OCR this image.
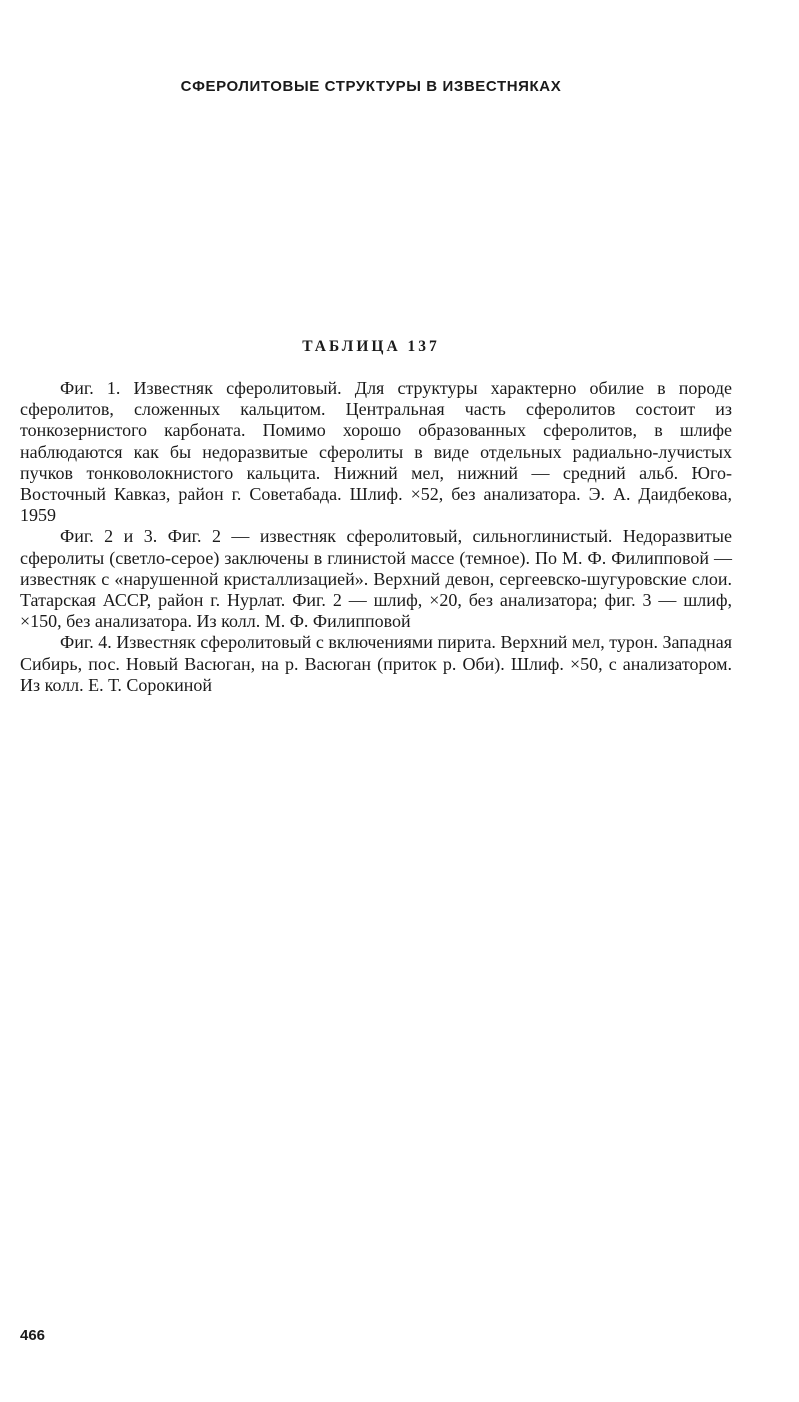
СФЕРОЛИТОВЫЕ СТРУКТУРЫ В ИЗВЕСТНЯКАХ
ТАБЛИЦА 137

Фиг. 1. Известняк сферолитовый. Для структуры характерно обилие в породе сферолитов, сложенных кальцитом. Центральная часть сферолитов состоит из тонкозернистого карбоната. Помимо хорошо образованных сферолитов, в шлифе наблюдаются как бы недоразвитые сферолиты в виде отдельных радиально-лучистых пучков тонковолокнистого кальцита. Нижний мел, нижний — средний альб. Юго-Восточный Кавказ, район г. Советабада. Шлиф. ×52, без анализатора. Э. А. Даидбекова, 1959

Фиг. 2 и 3. Фиг. 2 — известняк сферолитовый, сильноглинистый. Недоразвитые сферолиты (светло-серое) заключены в глинистой массе (темное). По М. Ф. Филипповой — известняк с «нарушенной кристаллизацией». Верхний девон, сергеевско-шугуровские слои. Татарская АССР, район г. Нурлат. Фиг. 2 — шлиф, ×20, без анализатора; фиг. 3 — шлиф, ×150, без анализатора. Из колл. М. Ф. Филипповой

Фиг. 4. Известняк сферолитовый с включениями пирита. Верхний мел, турон. Западная Сибирь, пос. Новый Васюган, на р. Васюган (приток р. Оби). Шлиф. ×50, с анализатором. Из колл. Е. Т. Сорокиной

466
